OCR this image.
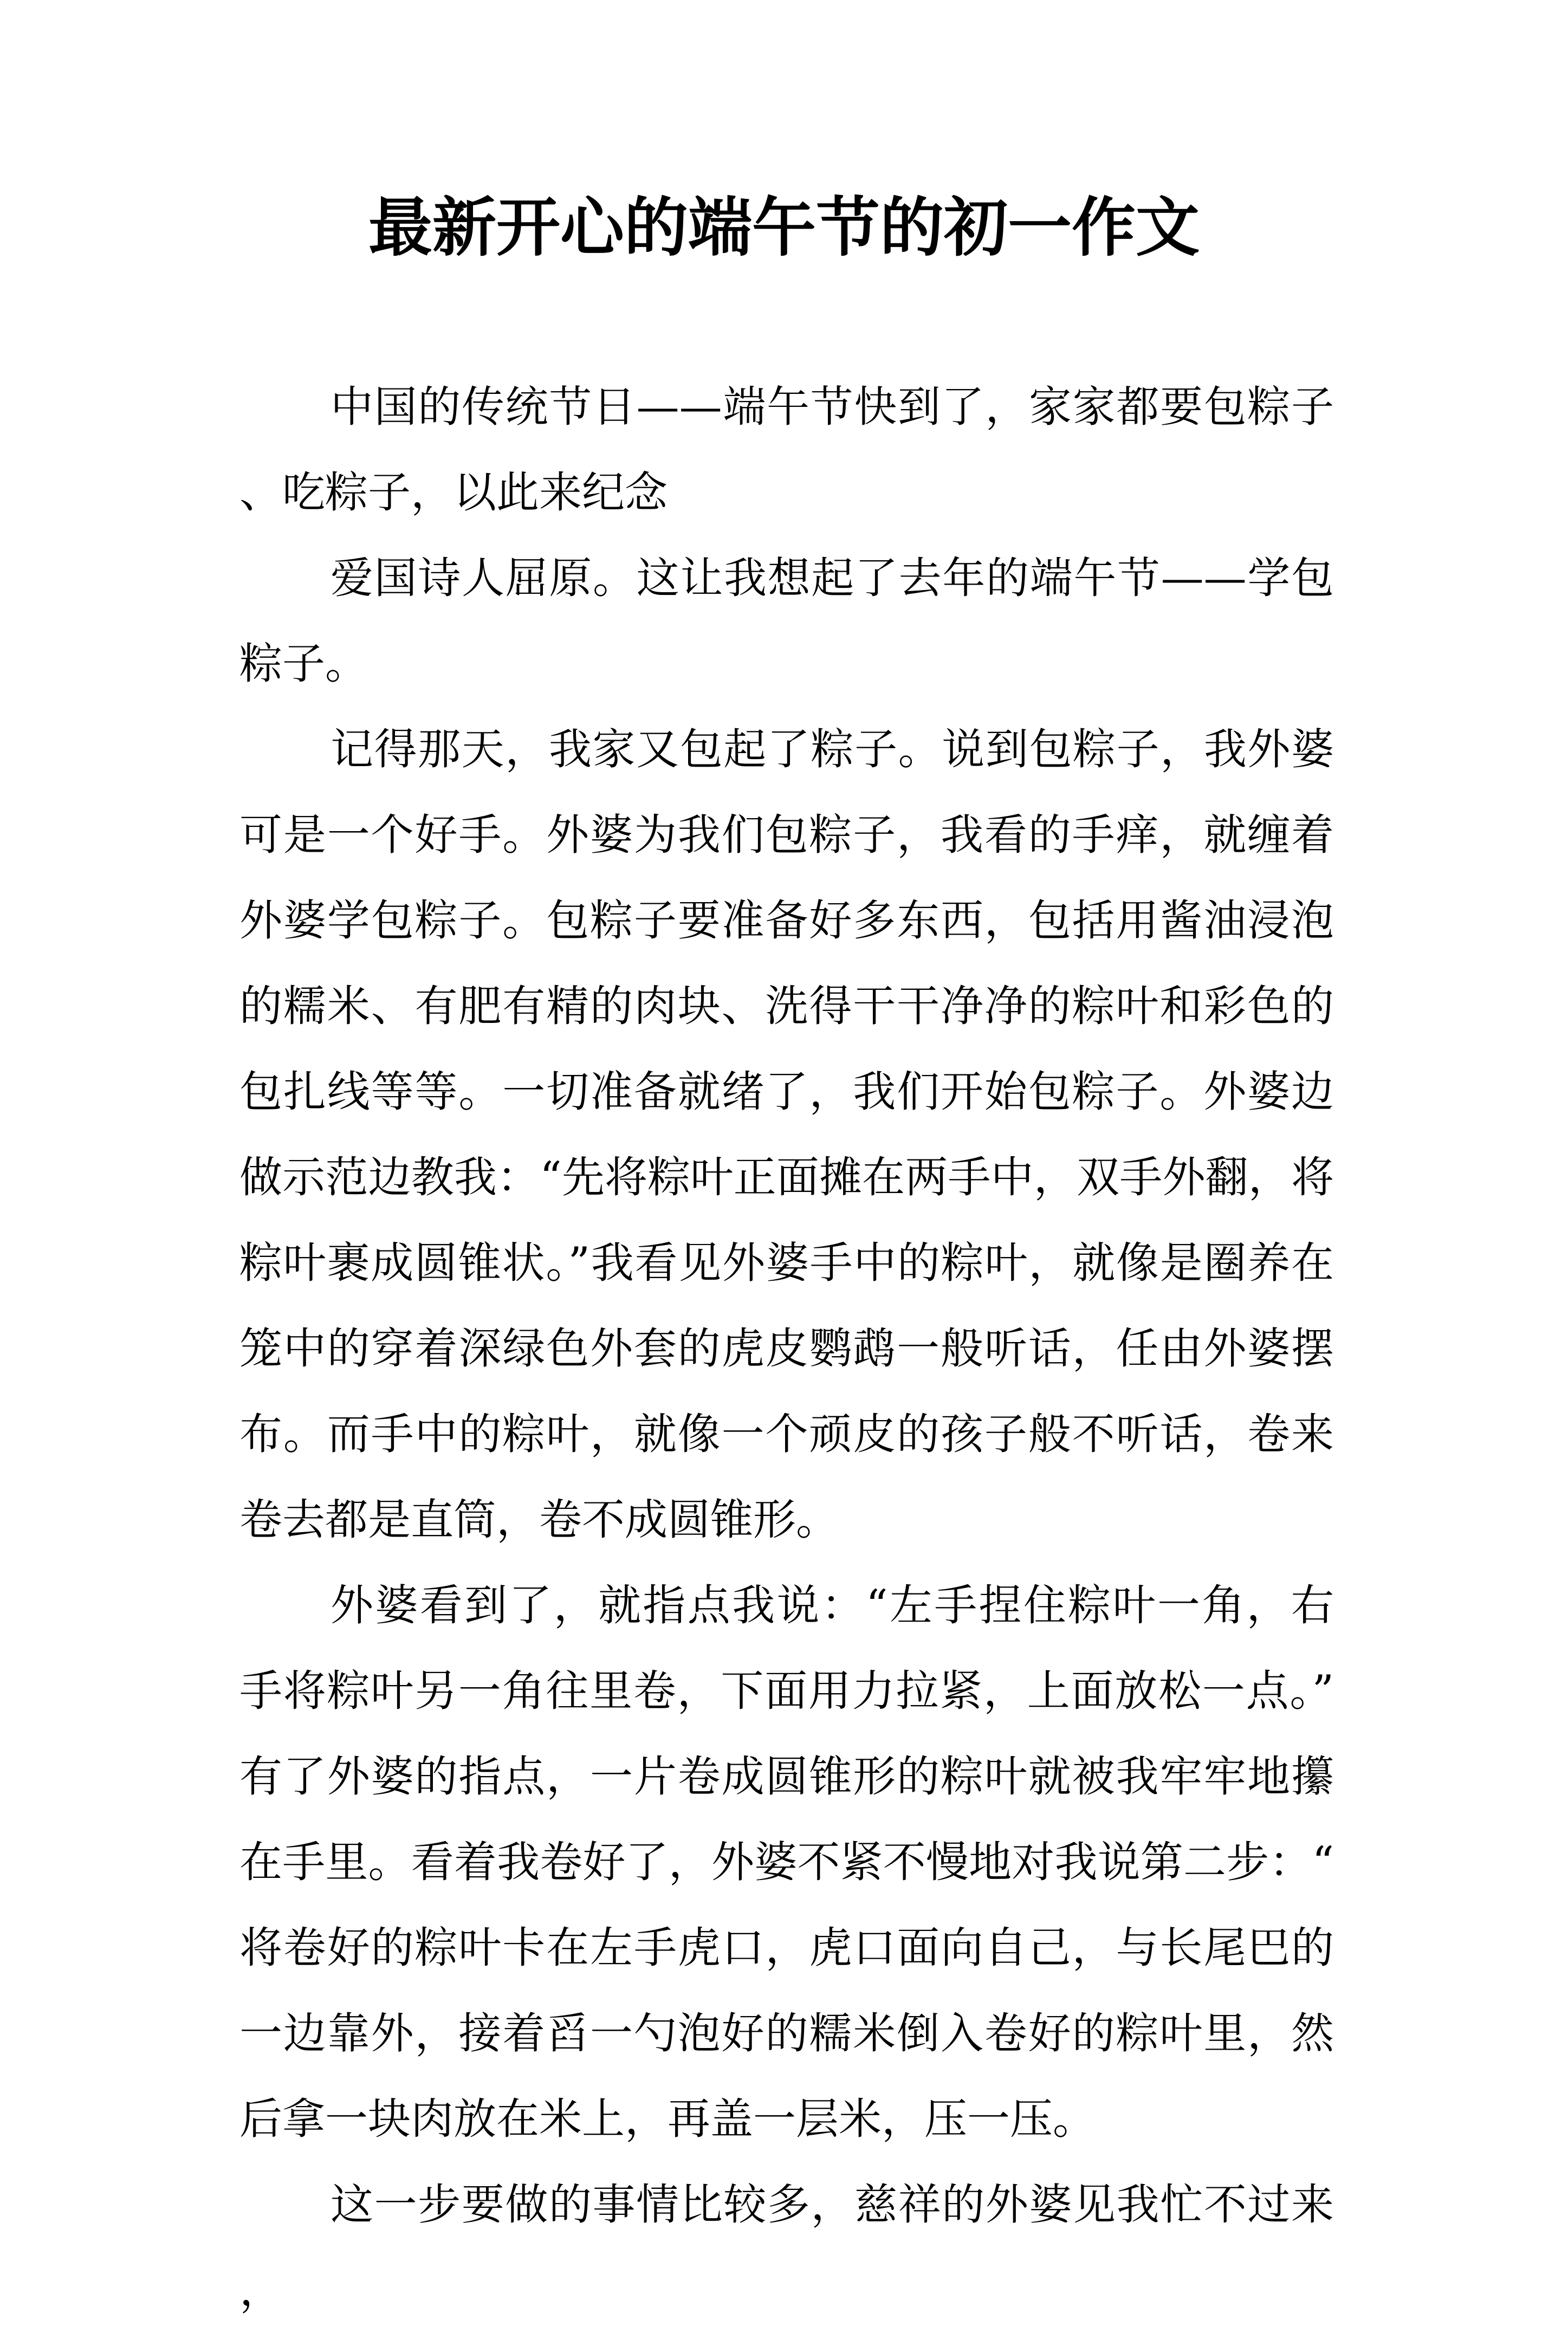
最新开心的端午节的初一作文

中国的传统节日——端午节快到了，家家都要包粽子、吃粽子，以此来纪念

爱国诗人屈原。这让我想起了去年的端午节——学包粽子。

记得那天，我家又包起了粽子。说到包粽子，我外婆可是一个好手。外婆为我们包粽子，我看的手痒，就缠着外婆学包粽子。包粽子要准备好多东西，包括用酱油浸泡的糯米、有肥有精的肉块、洗得干干净净的粽叶和彩色的包扎线等等。一切准备就绪了，我们开始包粽子。外婆边做示范边教我：“先将粽叶正面摊在两手中，双手外翻，将粽叶裹成圆锥状。”我看见外婆手中的粽叶，就像是圈养在笼中的穿着深绿色外套的虎皮鹦鹉一般听话，任由外婆摆布。而手中的粽叶，就像一个顽皮的孩子般不听话，卷来卷去都是直筒，卷不成圆锥形。

外婆看到了，就指点我说：“左手捏住粽叶一角，右手将粽叶另一角往里卷，下面用力拉紧，上面放松一点。”有了外婆的指点，一片卷成圆锥形的粽叶就被我牢牢地攥在手里。看着我卷好了，外婆不紧不慢地对我说第二步：“将卷好的粽叶卡在左手虎口，虎口面向自己，与长尾巴的一边靠外，接着舀一勺泡好的糯米倒入卷好的粽叶里，然后拿一块肉放在米上，再盖一层米，压一压。

这一步要做的事情比较多，慈祥的外婆见我忙不过来，
